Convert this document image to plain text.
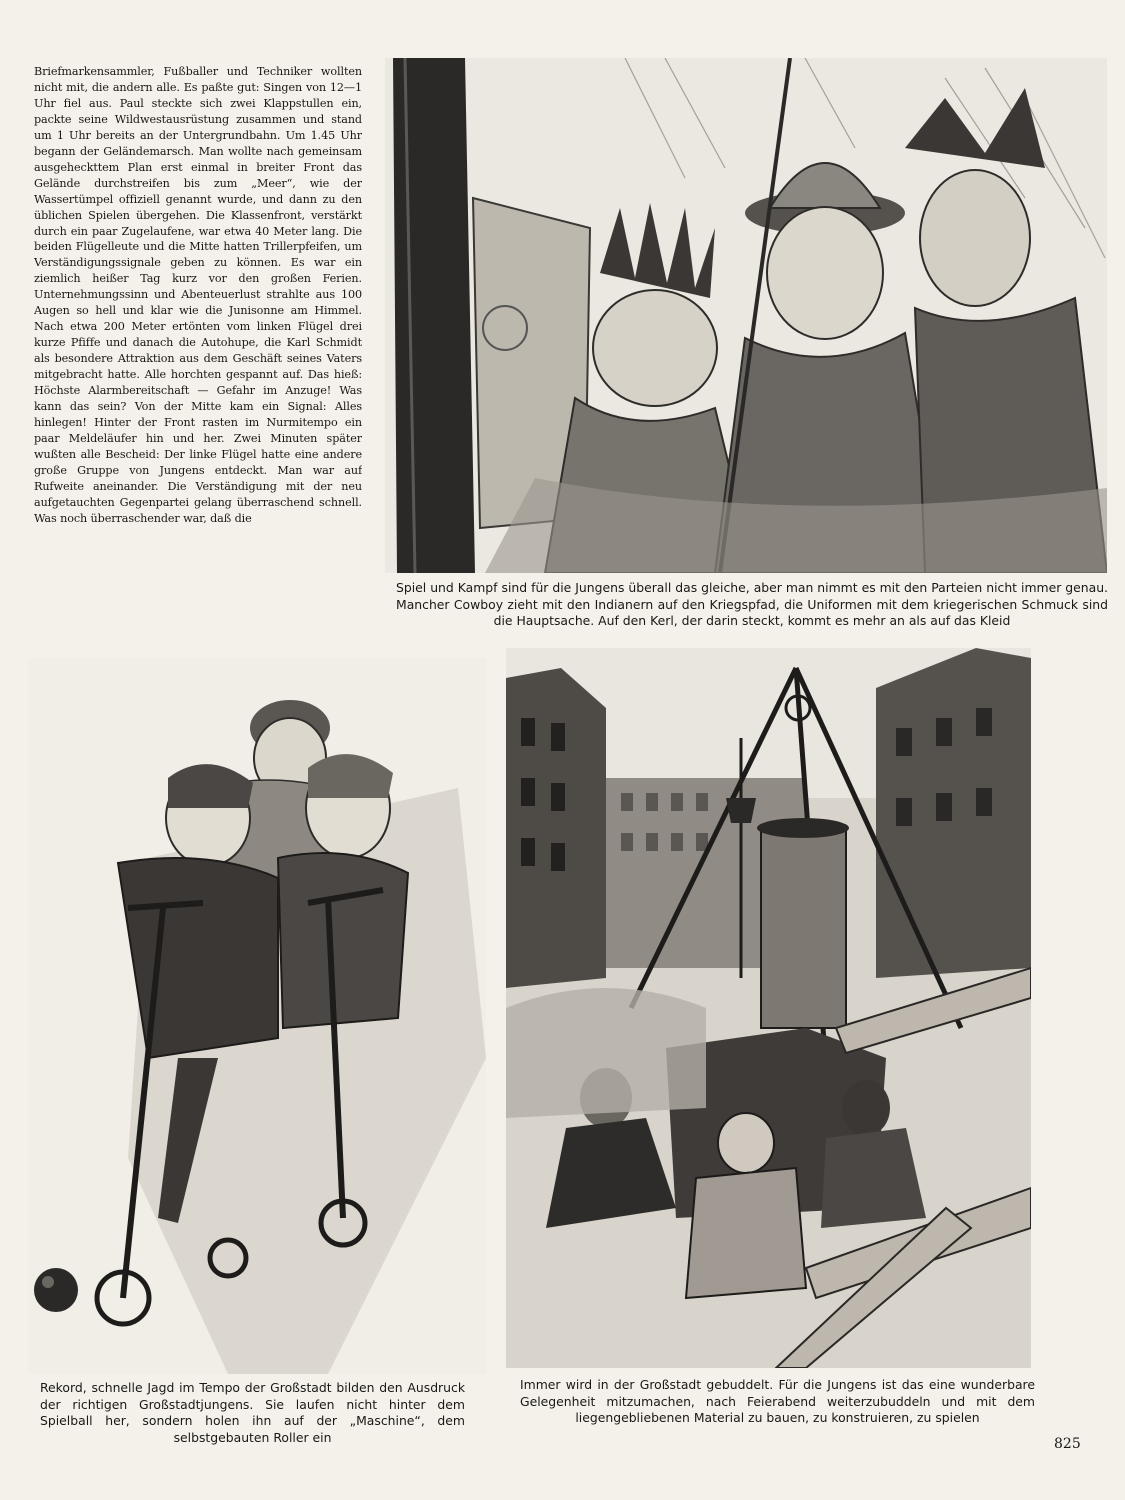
Briefmarkensammler, Fußballer und Techniker wollten nicht mit, die andern alle. Es paßte gut: Singen von 12—1 Uhr fiel aus. Paul steckte sich zwei Klappstullen ein, packte seine Wildwestausrüstung zusammen und stand um 1 Uhr bereits an der Untergrundbahn. Um 1.45 Uhr begann der Geländemarsch. Man wollte nach gemeinsam ausgeheckttem Plan erst einmal in breiter Front das Gelände durchstreifen bis zum „Meer“, wie der Wassertümpel offiziell genannt wurde, und dann zu den üblichen Spielen übergehen. Die Klassenfront, verstärkt durch ein paar Zugelaufene, war etwa 40 Meter lang. Die beiden Flügelleute und die Mitte hatten Trillerpfeifen, um Verständigungssignale geben zu können. Es war ein ziemlich heißer Tag kurz vor den großen Ferien. Unternehmungssinn und Abenteuerlust strahlte aus 100 Augen so hell und klar wie die Junisonne am Himmel. Nach etwa 200 Meter ertönten vom linken Flügel drei kurze Pfiffe und danach die Autohupe, die Karl Schmidt als besondere Attraktion aus dem Geschäft seines Vaters mitgebracht hatte. Alle horchten gespannt auf. Das hieß: Höchste Alarmbereitschaft — Gefahr im Anzuge! Was kann das sein? Von der Mitte kam ein Signal: Alles hinlegen! Hinter der Front rasten im Nurmitempo ein paar Meldeläufer hin und her. Zwei Minuten später wußten alle Bescheid: Der linke Flügel hatte eine andere große Gruppe von Jungens entdeckt. Man war auf Rufweite aneinander. Die Verständigung mit der neu aufgetauchten Gegenpartei gelang überraschend schnell. Was noch überraschender war, daß die

Spiel und Kampf sind für die Jungens überall das gleiche, aber man nimmt es mit den Parteien nicht immer genau. Mancher Cowboy zieht mit den Indianern auf den Kriegspfad, die Uniformen mit dem kriegerischen Schmuck sind die Hauptsache. Auf den Kerl, der darin steckt, kommt es mehr an als auf das Kleid
Rekord, schnelle Jagd im Tempo der Großstadt bilden den Ausdruck der richtigen Großstadtjungens. Sie laufen nicht hinter dem Spielball her, sondern holen ihn auf der „Maschine“, dem selbstgebauten Roller ein
Immer wird in der Großstadt gebuddelt. Für die Jungens ist das eine wunderbare Gelegenheit mitzumachen, nach Feierabend weiterzubuddeln und mit dem liegengebliebenen Material zu bauen, zu konstruieren, zu spielen
825
